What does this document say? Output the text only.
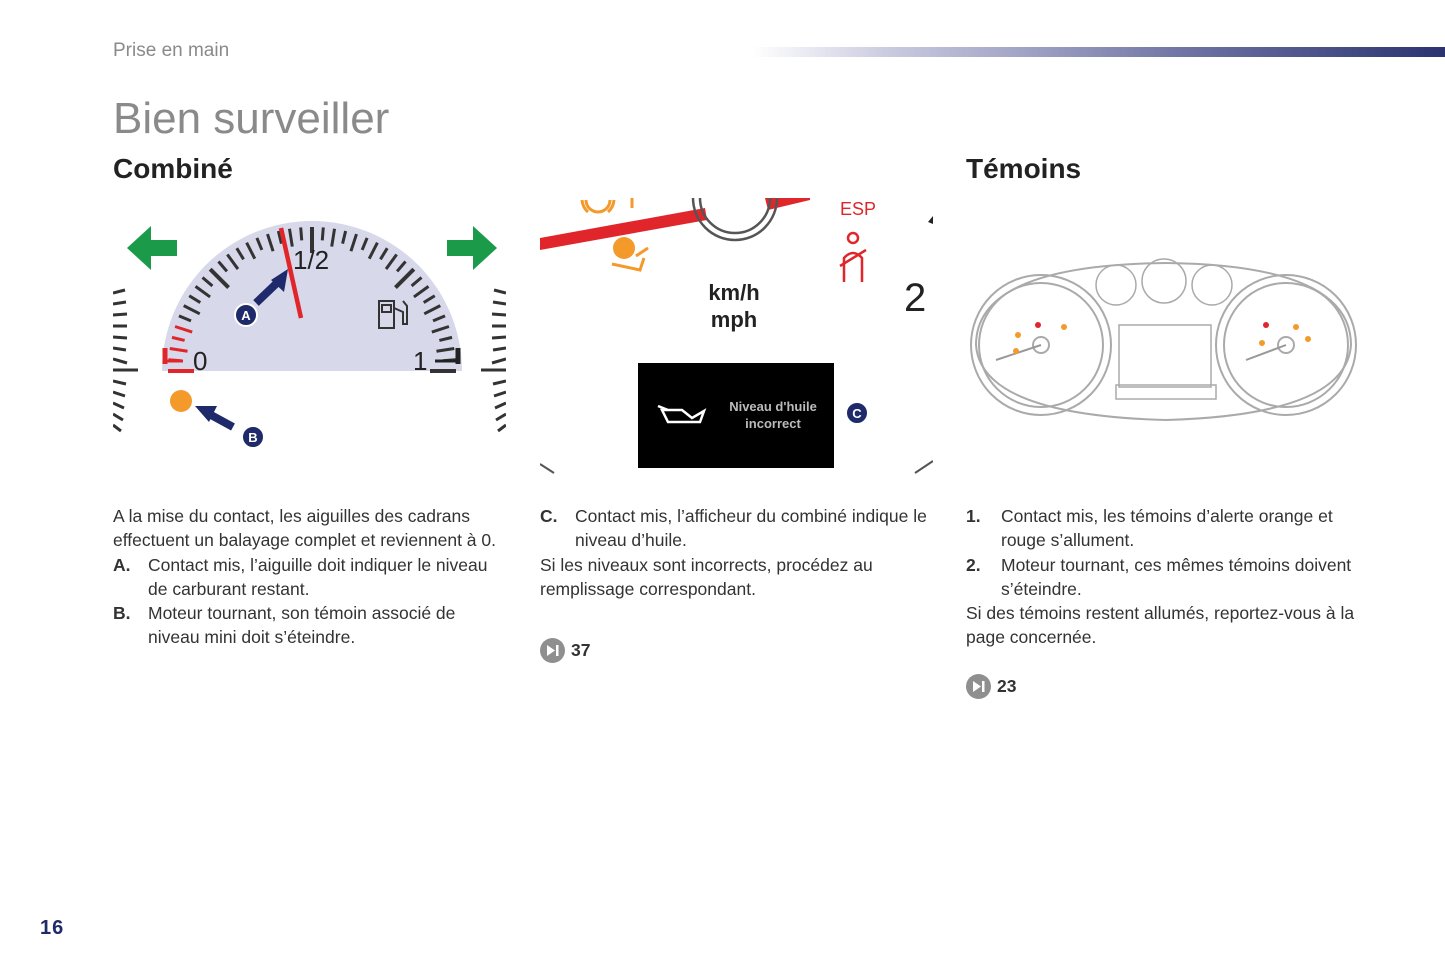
Prise en main
Bien surveiller
Combiné	Témoins
0	1
1/2
A
B
ESP
2
km/h
mph
Niveau d'huile
incorrect
C

A la mise du contact, les aiguilles des cadrans effectuent un balayage complet et reviennent à 0.

A. Contact mis, l’aiguille doit indiquer le niveau de carburant restant.
B. Moteur tournant, son témoin associé de niveau mini doit s’éteindre.
C. Contact mis, l’afficheur du combiné indique le niveau d’huile.

Si les niveaux sont incorrects, procédez au remplissage correspondant.

37
1. Contact mis, les témoins d’alerte orange et rouge s’allument.
2. Moteur tournant, ces mêmes témoins doivent s’éteindre.

Si des témoins restent allumés, reportez-vous à la page concernée.

23
16
